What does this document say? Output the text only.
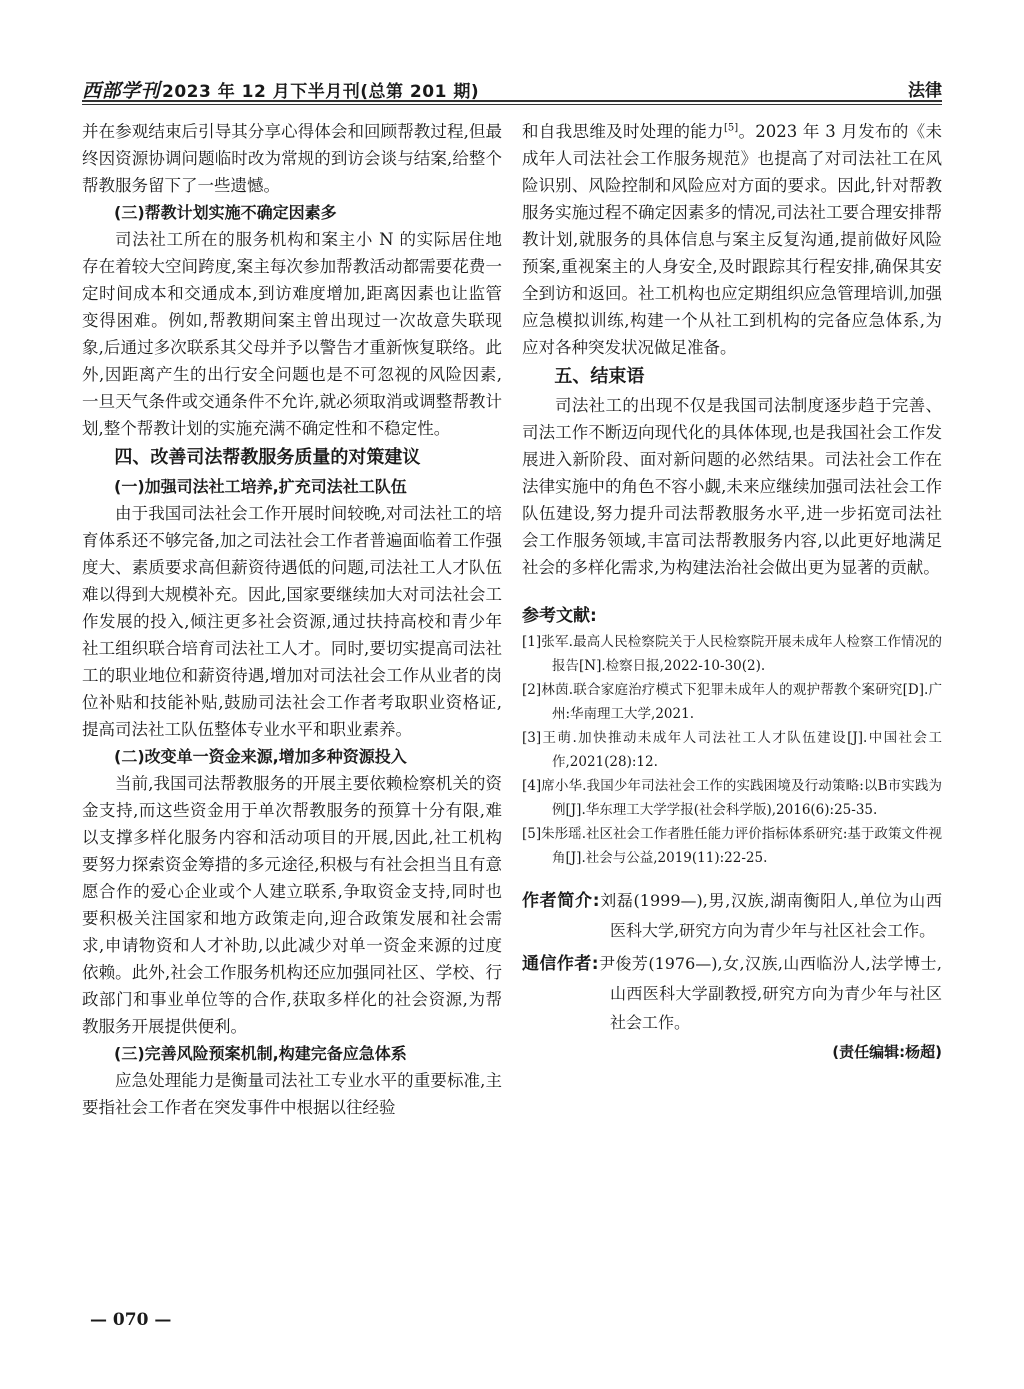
西部学刊 2023 年 12 月下半月刊(总第 201 期)	法律

并在参观结束后引导其分享心得体会和回顾帮教过程,但最终因资源协调问题临时改为常规的到访会谈与结案,给整个帮教服务留下了一些遗憾。

(三)帮教计划实施不确定因素多

司法社工所在的服务机构和案主小 N 的实际居住地存在着较大空间跨度,案主每次参加帮教活动都需要花费一定时间成本和交通成本,到访难度增加,距离因素也让监管变得困难。例如,帮教期间案主曾出现过一次故意失联现象,后通过多次联系其父母并予以警告才重新恢复联络。此外,因距离产生的出行安全问题也是不可忽视的风险因素,一旦天气条件或交通条件不允许,就必须取消或调整帮教计划,整个帮教计划的实施充满不确定性和不稳定性。

四、改善司法帮教服务质量的对策建议

(一)加强司法社工培养,扩充司法社工队伍

由于我国司法社会工作开展时间较晚,对司法社工的培育体系还不够完备,加之司法社会工作者普遍面临着工作强度大、素质要求高但薪资待遇低的问题,司法社工人才队伍难以得到大规模补充。因此,国家要继续加大对司法社会工作发展的投入,倾注更多社会资源,通过扶持高校和青少年社工组织联合培育司法社工人才。同时,要切实提高司法社工的职业地位和薪资待遇,增加对司法社会工作从业者的岗位补贴和技能补贴,鼓励司法社会工作者考取职业资格证,提高司法社工队伍整体专业水平和职业素养。

(二)改变单一资金来源,增加多种资源投入

当前,我国司法帮教服务的开展主要依赖检察机关的资金支持,而这些资金用于单次帮教服务的预算十分有限,难以支撑多样化服务内容和活动项目的开展,因此,社工机构要努力探索资金筹措的多元途径,积极与有社会担当且有意愿合作的爱心企业或个人建立联系,争取资金支持,同时也要积极关注国家和地方政策走向,迎合政策发展和社会需求,申请物资和人才补助,以此减少对单一资金来源的过度依赖。此外,社会工作服务机构还应加强同社区、学校、行政部门和事业单位等的合作,获取多样化的社会资源,为帮教服务开展提供便利。

(三)完善风险预案机制,构建完备应急体系

应急处理能力是衡量司法社工专业水平的重要标准,主要指社会工作者在突发事件中根据以往经验

和自我思维及时处理的能力[5]。2023 年 3 月发布的《未成年人司法社会工作服务规范》也提高了对司法社工在风险识别、风险控制和风险应对方面的要求。因此,针对帮教服务实施过程不确定因素多的情况,司法社工要合理安排帮教计划,就服务的具体信息与案主反复沟通,提前做好风险预案,重视案主的人身安全,及时跟踪其行程安排,确保其安全到访和返回。社工机构也应定期组织应急管理培训,加强应急模拟训练,构建一个从社工到机构的完备应急体系,为应对各种突发状况做足准备。

五、结束语

司法社工的出现不仅是我国司法制度逐步趋于完善、司法工作不断迈向现代化的具体体现,也是我国社会工作发展进入新阶段、面对新问题的必然结果。司法社会工作在法律实施中的角色不容小觑,未来应继续加强司法社会工作队伍建设,努力提升司法帮教服务水平,进一步拓宽司法社会工作服务领域,丰富司法帮教服务内容,以此更好地满足社会的多样化需求,为构建法治社会做出更为显著的贡献。

参考文献:

[1]张军.最高人民检察院关于人民检察院开展未成年人检察工作情况的报告[N].检察日报,2022-10-30(2).

[2]林茵.联合家庭治疗模式下犯罪未成年人的观护帮教个案研究[D].广州:华南理工大学,2021.

[3]王萌.加快推动未成年人司法社工人才队伍建设[J].中国社会工作,2021(28):12.

[4]席小华.我国少年司法社会工作的实践困境及行动策略:以B市实践为例[J].华东理工大学学报(社会科学版),2016(6):25-35.

[5]朱彤瑶.社区社会工作者胜任能力评价指标体系研究:基于政策文件视角[J].社会与公益,2019(11):22-25.

作者简介:刘磊(1999—),男,汉族,湖南衡阳人,单位为山西医科大学,研究方向为青少年与社区社会工作。

通信作者:尹俊芳(1976—),女,汉族,山西临汾人,法学博士,山西医科大学副教授,研究方向为青少年与社区社会工作。

(责任编辑:杨超)

— 070 —
